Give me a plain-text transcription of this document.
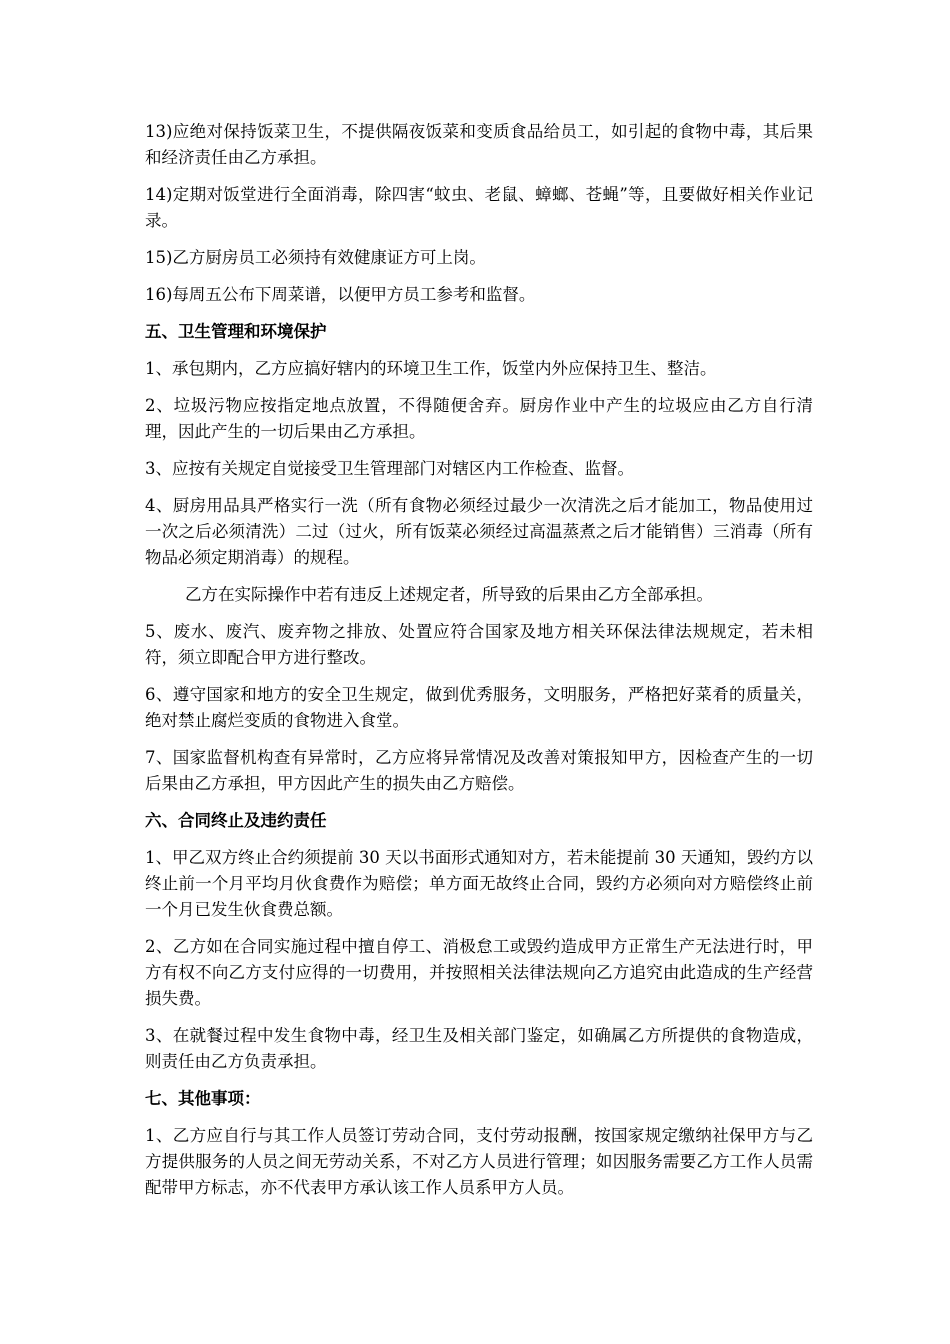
13)应绝对保持饭菜卫生，不提供隔夜饭菜和变质食品给员工，如引起的食物中毒，其后果和经济责任由乙方承担。

14)定期对饭堂进行全面消毒，除四害“蚊虫、老鼠、蟑螂、苍蝇”等，且要做好相关作业记录。

15)乙方厨房员工必须持有效健康证方可上岗。

16)每周五公布下周菜谱，以便甲方员工参考和监督。

五、卫生管理和环境保护

1、承包期内，乙方应搞好辖内的环境卫生工作，饭堂内外应保持卫生、整洁。

2、垃圾污物应按指定地点放置，不得随便舍弃。厨房作业中产生的垃圾应由乙方自行清理，因此产生的一切后果由乙方承担。

3、应按有关规定自觉接受卫生管理部门对辖区内工作检查、监督。

4、厨房用品具严格实行一洗（所有食物必须经过最少一次清洗之后才能加工，物品使用过一次之后必须清洗）二过（过火，所有饭菜必须经过高温蒸煮之后才能销售）三消毒（所有物品必须定期消毒）的规程。

乙方在实际操作中若有违反上述规定者，所导致的后果由乙方全部承担。

5、废水、废汽、废弃物之排放、处置应符合国家及地方相关环保法律法规规定，若未相符，须立即配合甲方进行整改。

6、遵守国家和地方的安全卫生规定，做到优秀服务，文明服务，严格把好菜肴的质量关，绝对禁止腐烂变质的食物进入食堂。

7、国家监督机构查有异常时，乙方应将异常情况及改善对策报知甲方，因检查产生的一切后果由乙方承担，甲方因此产生的损失由乙方赔偿。

六、合同终止及违约责任

1、甲乙双方终止合约须提前 30 天以书面形式通知对方，若未能提前 30 天通知，毁约方以终止前一个月平均月伙食费作为赔偿；单方面无故终止合同，毁约方必须向对方赔偿终止前一个月已发生伙食费总额。

2、乙方如在合同实施过程中擅自停工、消极怠工或毁约造成甲方正常生产无法进行时，甲方有权不向乙方支付应得的一切费用，并按照相关法律法规向乙方追究由此造成的生产经营损失费。

3、在就餐过程中发生食物中毒，经卫生及相关部门鉴定，如确属乙方所提供的食物造成，则责任由乙方负责承担。

七、其他事项：

1、乙方应自行与其工作人员签订劳动合同，支付劳动报酬，按国家规定缴纳社保甲方与乙方提供服务的人员之间无劳动关系，不对乙方人员进行管理；如因服务需要乙方工作人员需配带甲方标志，亦不代表甲方承认该工作人员系甲方人员。
